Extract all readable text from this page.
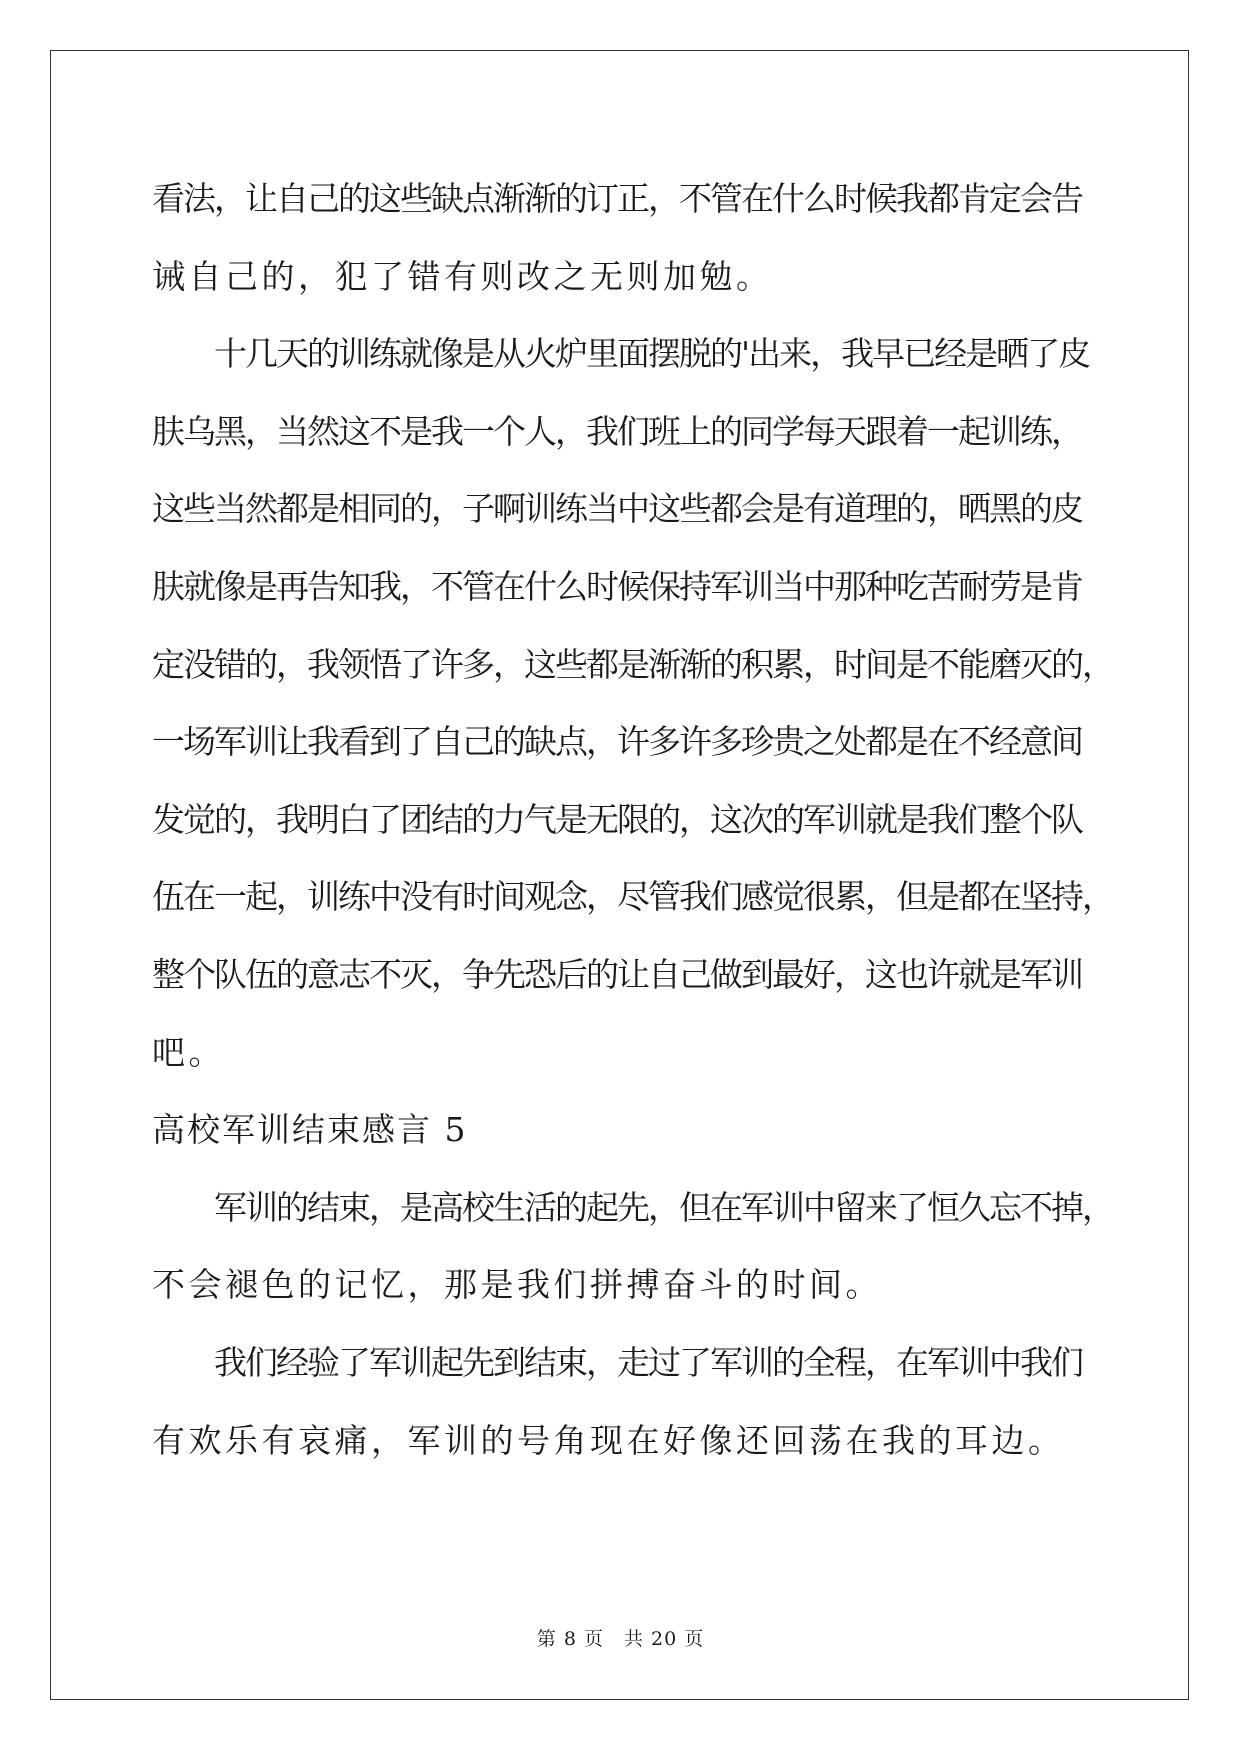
看法，让自己的这些缺点渐渐的订正，不管在什么时候我都肯定会告
诫自己的，犯了错有则改之无则加勉。
十几天的训练就像是从火炉里面摆脱的'出来，我早已经是晒了皮
肤乌黑，当然这不是我一个人，我们班上的同学每天跟着一起训练，
这些当然都是相同的，子啊训练当中这些都会是有道理的，晒黑的皮
肤就像是再告知我，不管在什么时候保持军训当中那种吃苦耐劳是肯
定没错的，我领悟了许多，这些都是渐渐的积累，时间是不能磨灭的，
一场军训让我看到了自己的缺点，许多许多珍贵之处都是在不经意间
发觉的，我明白了团结的力气是无限的，这次的军训就是我们整个队
伍在一起，训练中没有时间观念，尽管我们感觉很累，但是都在坚持，
整个队伍的意志不灭，争先恐后的让自己做到最好，这也许就是军训
吧。
高校军训结束感言 5
军训的结束，是高校生活的起先，但在军训中留来了恒久忘不掉，
不会褪色的记忆，那是我们拼搏奋斗的时间。
我们经验了军训起先到结束，走过了军训的全程，在军训中我们
有欢乐有哀痛，军训的号角现在好像还回荡在我的耳边。
第 8 页　共 20 页
